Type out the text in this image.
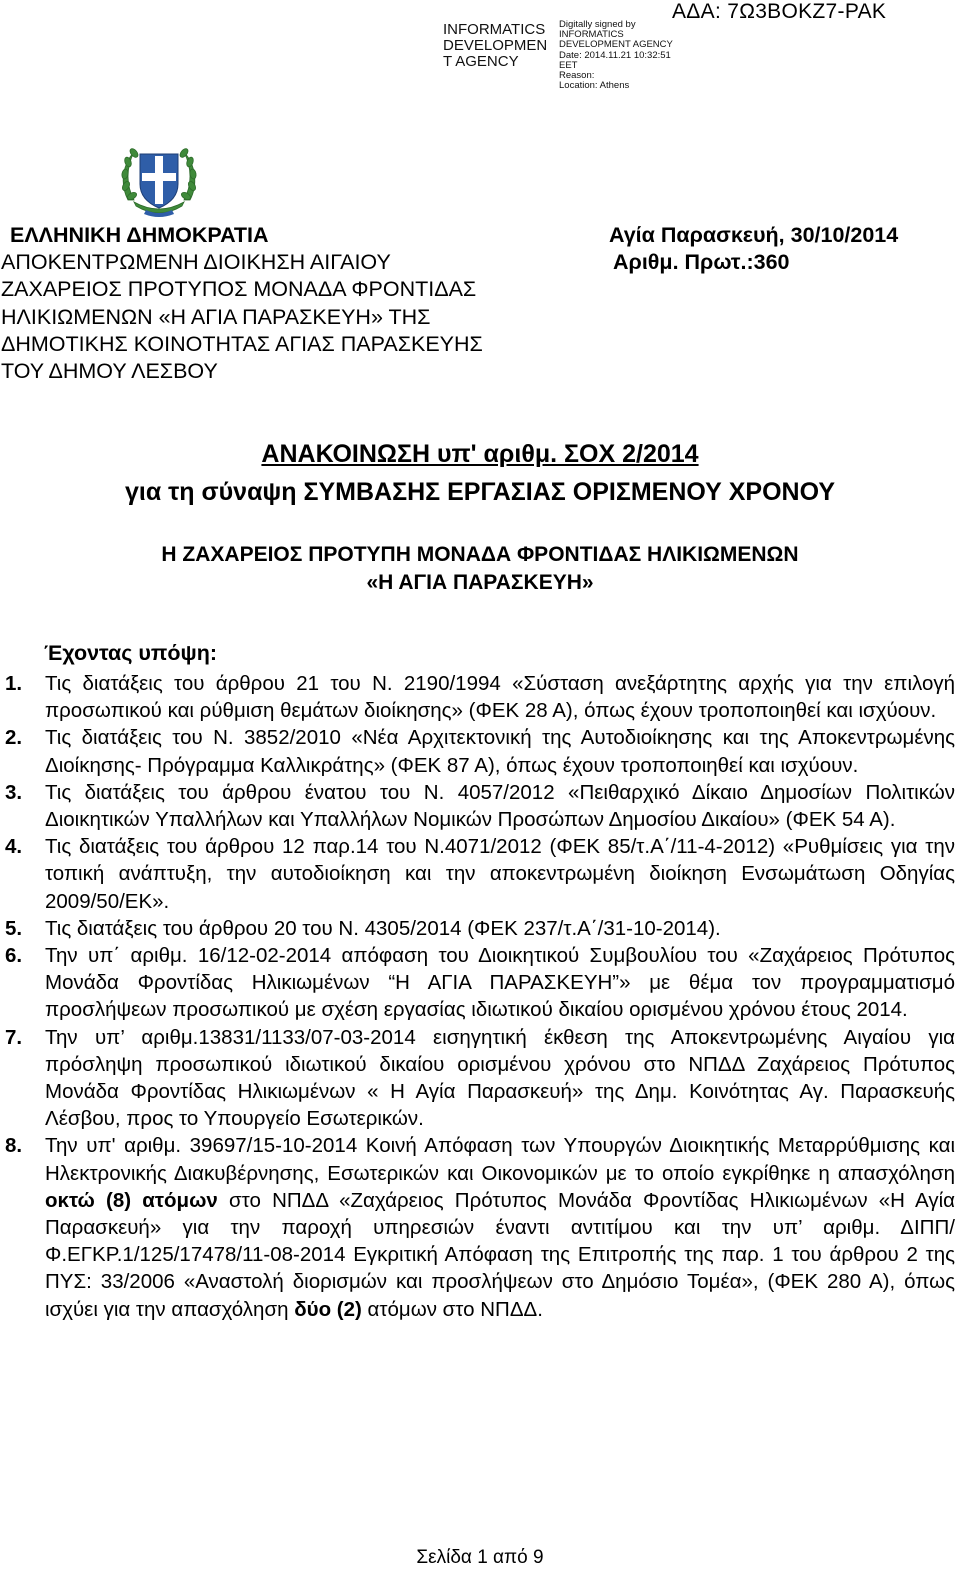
INFORMATICS
DEVELOPMEN
T AGENCY
Digitally signed by
INFORMATICS
DEVELOPMENT AGENCY
Date: 2014.11.21 10:32:51
EET
Reason:
Location: Athens
ΑΔΑ: 7Ω3ΒΟΚΖ7-ΡΑΚ
ΕΛΛΗΝΙΚΗ ΔΗΜΟΚΡΑΤΙΑ
ΑΠΟΚΕΝΤΡΩΜΕΝΗ ΔΙΟΙΚΗΣΗ ΑΙΓΑΙΟΥ
ΖΑΧΑΡΕΙΟΣ ΠΡΟΤΥΠΟΣ ΜΟΝΑΔΑ ΦΡΟΝΤΙΔΑΣ
ΗΛΙΚΙΩΜΕΝΩΝ «Η ΑΓΙΑ ΠΑΡΑΣΚΕΥΗ» ΤΗΣ
ΔΗΜΟΤΙΚΗΣ ΚΟΙΝΟΤΗΤΑΣ ΑΓΙΑΣ ΠΑΡΑΣΚΕΥΗΣ
ΤΟΥ ΔΗΜΟΥ ΛΕΣΒΟΥ
Αγία Παρασκευή, 30/10/2014
Αριθμ. Πρωτ.:360
ΑΝΑΚΟΙΝΩΣΗ υπ' αριθμ. ΣΟΧ 2/2014
για τη σύναψη ΣΥΜΒΑΣΗΣ ΕΡΓΑΣΙΑΣ ΟΡΙΣΜΕΝΟΥ ΧΡΟΝΟΥ
Η ΖΑΧΑΡΕΙΟΣ ΠΡΟΤΥΠΗ ΜΟΝΑΔΑ ΦΡΟΝΤΙΔΑΣ ΗΛΙΚΙΩΜΕΝΩΝ
«Η ΑΓΙΑ ΠΑΡΑΣΚΕΥΗ»
Έχοντας υπόψη:
1. Τις διατάξεις του άρθρου 21 του Ν. 2190/1994 «Σύσταση ανεξάρτητης αρχής για την επιλογή προσωπικού και ρύθμιση θεμάτων διοίκησης» (ΦΕΚ 28 Α), όπως έχουν τροποποιηθεί και ισχύουν.
2. Τις διατάξεις του Ν. 3852/2010 «Νέα Αρχιτεκτονική της Αυτοδιοίκησης και της Αποκεντρωμένης Διοίκησης- Πρόγραμμα Καλλικράτης» (ΦΕΚ 87 Α), όπως έχουν τροποποιηθεί και ισχύουν.
3. Τις διατάξεις του άρθρου ένατου του Ν. 4057/2012 «Πειθαρχικό Δίκαιο Δημοσίων Πολιτικών Διοικητικών Υπαλλήλων και Υπαλλήλων Νομικών Προσώπων Δημοσίου Δικαίου» (ΦΕΚ 54 Α).
4. Τις διατάξεις του άρθρου 12 παρ.14 του Ν.4071/2012 (ΦΕΚ 85/τ.Α΄/11-4-2012) «Ρυθμίσεις για την τοπική ανάπτυξη, την αυτοδιοίκηση και την αποκεντρωμένη διοίκηση Ενσωμάτωση Οδηγίας 2009/50/ΕΚ».
5. Τις διατάξεις του άρθρου 20 του Ν. 4305/2014 (ΦΕΚ 237/τ.Α΄/31-10-2014).
6. Την υπ΄ αριθμ. 16/12-02-2014 απόφαση του Διοικητικού Συμβουλίου του «Ζαχάρειος Πρότυπος Μονάδα Φροντίδας Ηλικιωμένων “Η ΑΓΙΑ ΠΑΡΑΣΚΕΥΗ”» με θέμα τον προγραμματισμό προσλήψεων προσωπικού με σχέση εργασίας ιδιωτικού δικαίου ορισμένου χρόνου έτους 2014.
7. Την υπ’ αριθμ.13831/1133/07-03-2014 εισηγητική έκθεση της Αποκεντρωμένης Αιγαίου για πρόσληψη προσωπικού ιδιωτικού δικαίου ορισμένου χρόνου στο ΝΠΔΔ Ζαχάρειος Πρότυπος Μονάδα Φροντίδας Ηλικιωμένων « Η Αγία Παρασκευή» της Δημ. Κοινότητας Αγ. Παρασκευής Λέσβου, προς το Υπουργείο Εσωτερικών.
8. Την υπ' αριθμ. 39697/15-10-2014 Κοινή Απόφαση των Υπουργών Διοικητικής Μεταρρύθμισης και Ηλεκτρονικής Διακυβέρνησης, Εσωτερικών και Οικονομικών με το οποίο εγκρίθηκε η απασχόληση οκτώ (8) ατόμων στο ΝΠΔΔ «Ζαχάρειος Πρότυπος Μονάδα Φροντίδας Ηλικιωμένων «Η Αγία Παρασκευή» για την παροχή υπηρεσιών έναντι αντιτίμου και την υπ’ αριθμ. ΔΙΠΠ/Φ.ΕΓΚΡ.1/125/17478/11-08-2014 Εγκριτική Απόφαση της Επιτροπής της παρ. 1 του άρθρου 2 της ΠΥΣ: 33/2006 «Αναστολή διορισμών και προσλήψεων στο Δημόσιο Τομέα», (ΦΕΚ 280 Α), όπως ισχύει για την απασχόληση δύο (2) ατόμων στο ΝΠΔΔ.
Σελίδα 1 από 9
